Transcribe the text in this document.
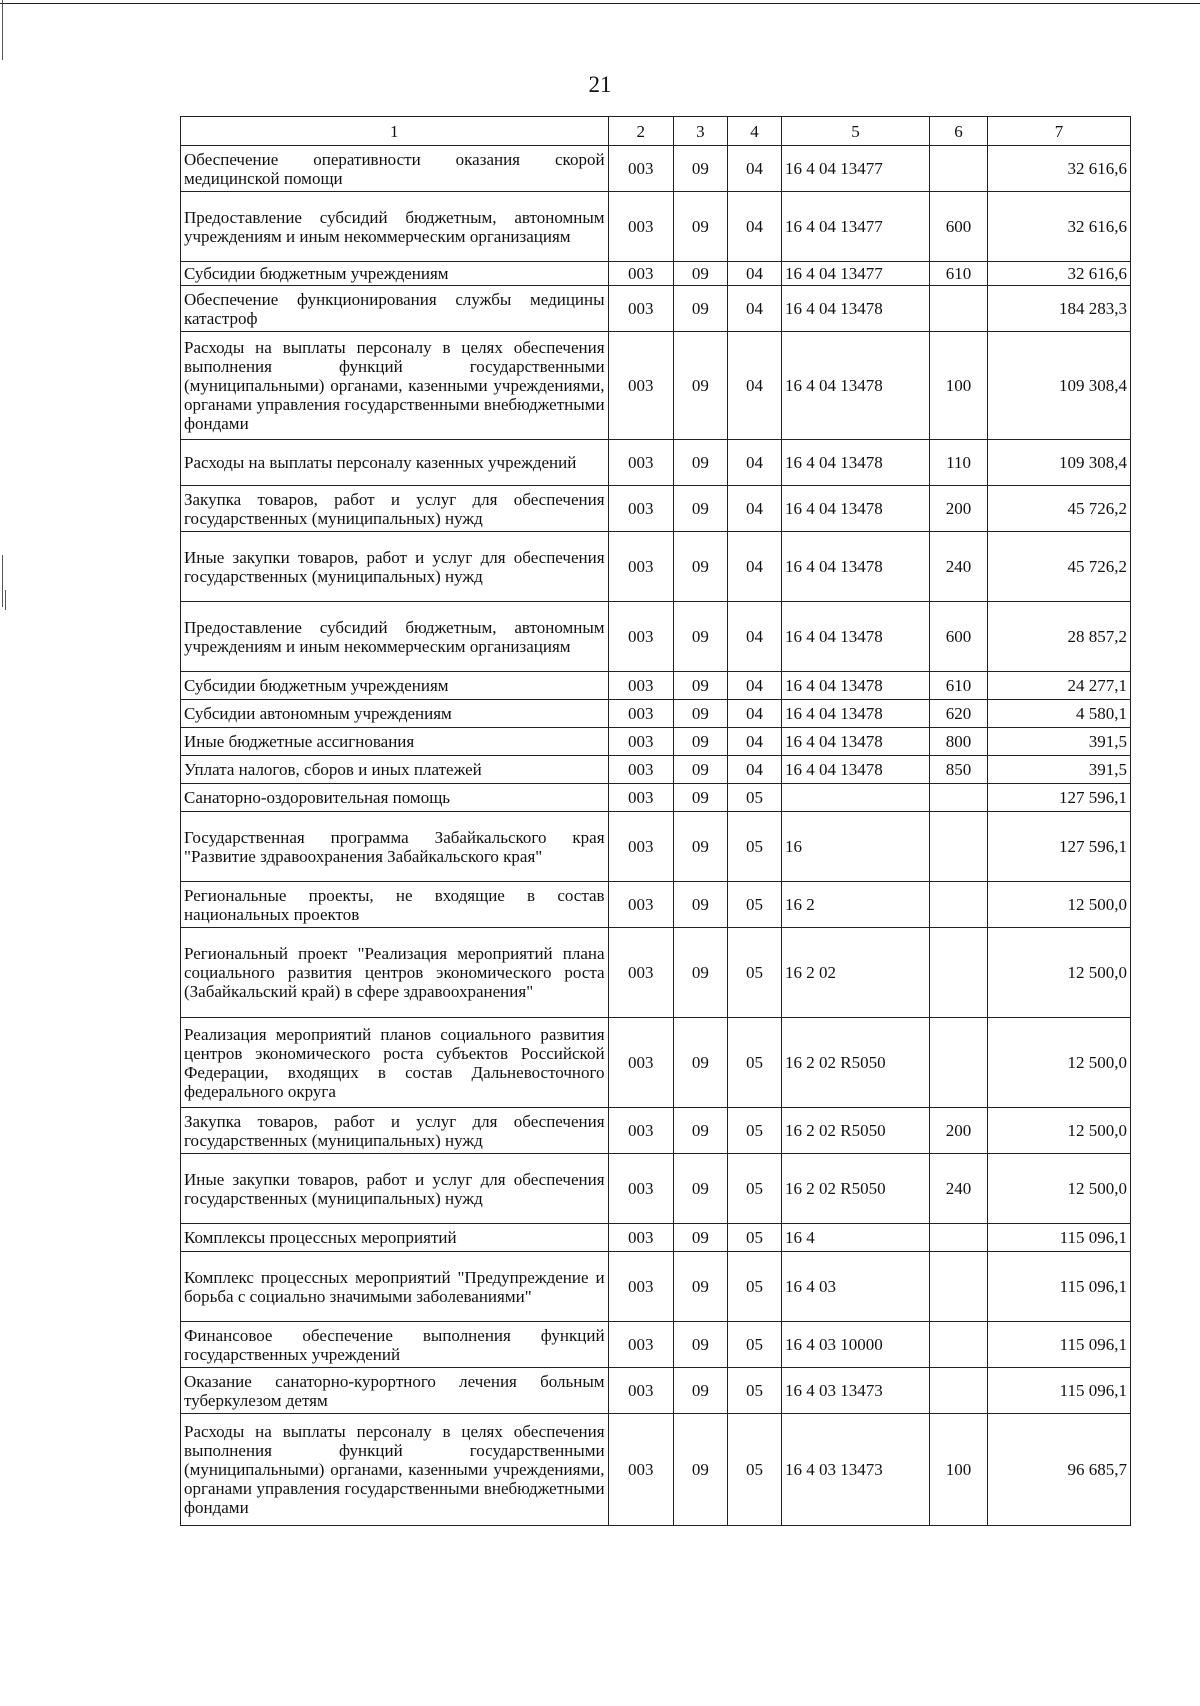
21
1	2	3	4	5	6	7
Обеспечение оперативности оказания скорой медицинской помощи	003	09	04	16 4 04 13477		32 616,6
Предоставление субсидий бюджетным, автономным учреждениям и иным некоммерческим организациям	003	09	04	16 4 04 13477	600	32 616,6
Субсидии бюджетным учреждениям	003	09	04	16 4 04 13477	610	32 616,6
Обеспечение функционирования службы медицины катастроф	003	09	04	16 4 04 13478		184 283,3
Расходы на выплаты персоналу в целях обеспечения выполнения функций государственными (муниципальными) органами, казенными учреждениями, органами управления государственными внебюджетными фондами	003	09	04	16 4 04 13478	100	109 308,4
Расходы на выплаты персоналу казенных учреждений	003	09	04	16 4 04 13478	110	109 308,4
Закупка товаров, работ и услуг для обеспечения государственных (муниципальных) нужд	003	09	04	16 4 04 13478	200	45 726,2
Иные закупки товаров, работ и услуг для обеспечения государственных (муниципальных) нужд	003	09	04	16 4 04 13478	240	45 726,2
Предоставление субсидий бюджетным, автономным учреждениям и иным некоммерческим организациям	003	09	04	16 4 04 13478	600	28 857,2
Субсидии бюджетным учреждениям	003	09	04	16 4 04 13478	610	24 277,1
Субсидии автономным учреждениям	003	09	04	16 4 04 13478	620	4 580,1
Иные бюджетные ассигнования	003	09	04	16 4 04 13478	800	391,5
Уплата налогов, сборов и иных платежей	003	09	04	16 4 04 13478	850	391,5
Санаторно-оздоровительная помощь	003	09	05			127 596,1
Государственная программа Забайкальского края "Развитие здравоохранения Забайкальского края"	003	09	05	16		127 596,1
Региональные проекты, не входящие в состав национальных проектов	003	09	05	16 2		12 500,0
Региональный проект "Реализация мероприятий плана социального развития центров экономического роста (Забайкальский край) в сфере здравоохранения"	003	09	05	16 2 02		12 500,0
Реализация мероприятий планов социального развития центров экономического роста субъектов Российской Федерации, входящих в состав Дальневосточного федерального округа	003	09	05	16 2 02 R5050		12 500,0
Закупка товаров, работ и услуг для обеспечения государственных (муниципальных) нужд	003	09	05	16 2 02 R5050	200	12 500,0
Иные закупки товаров, работ и услуг для обеспечения государственных (муниципальных) нужд	003	09	05	16 2 02 R5050	240	12 500,0
Комплексы процессных мероприятий	003	09	05	16 4		115 096,1
Комплекс процессных мероприятий "Предупреждение и борьба с социально значимыми заболеваниями"	003	09	05	16 4 03		115 096,1
Финансовое обеспечение выполнения функций государственных учреждений	003	09	05	16 4 03 10000		115 096,1
Оказание санаторно-курортного лечения больным туберкулезом детям	003	09	05	16 4 03 13473		115 096,1
Расходы на выплаты персоналу в целях обеспечения выполнения функций государственными (муниципальными) органами, казенными учреждениями, органами управления государственными внебюджетными фондами	003	09	05	16 4 03 13473	100	96 685,7
